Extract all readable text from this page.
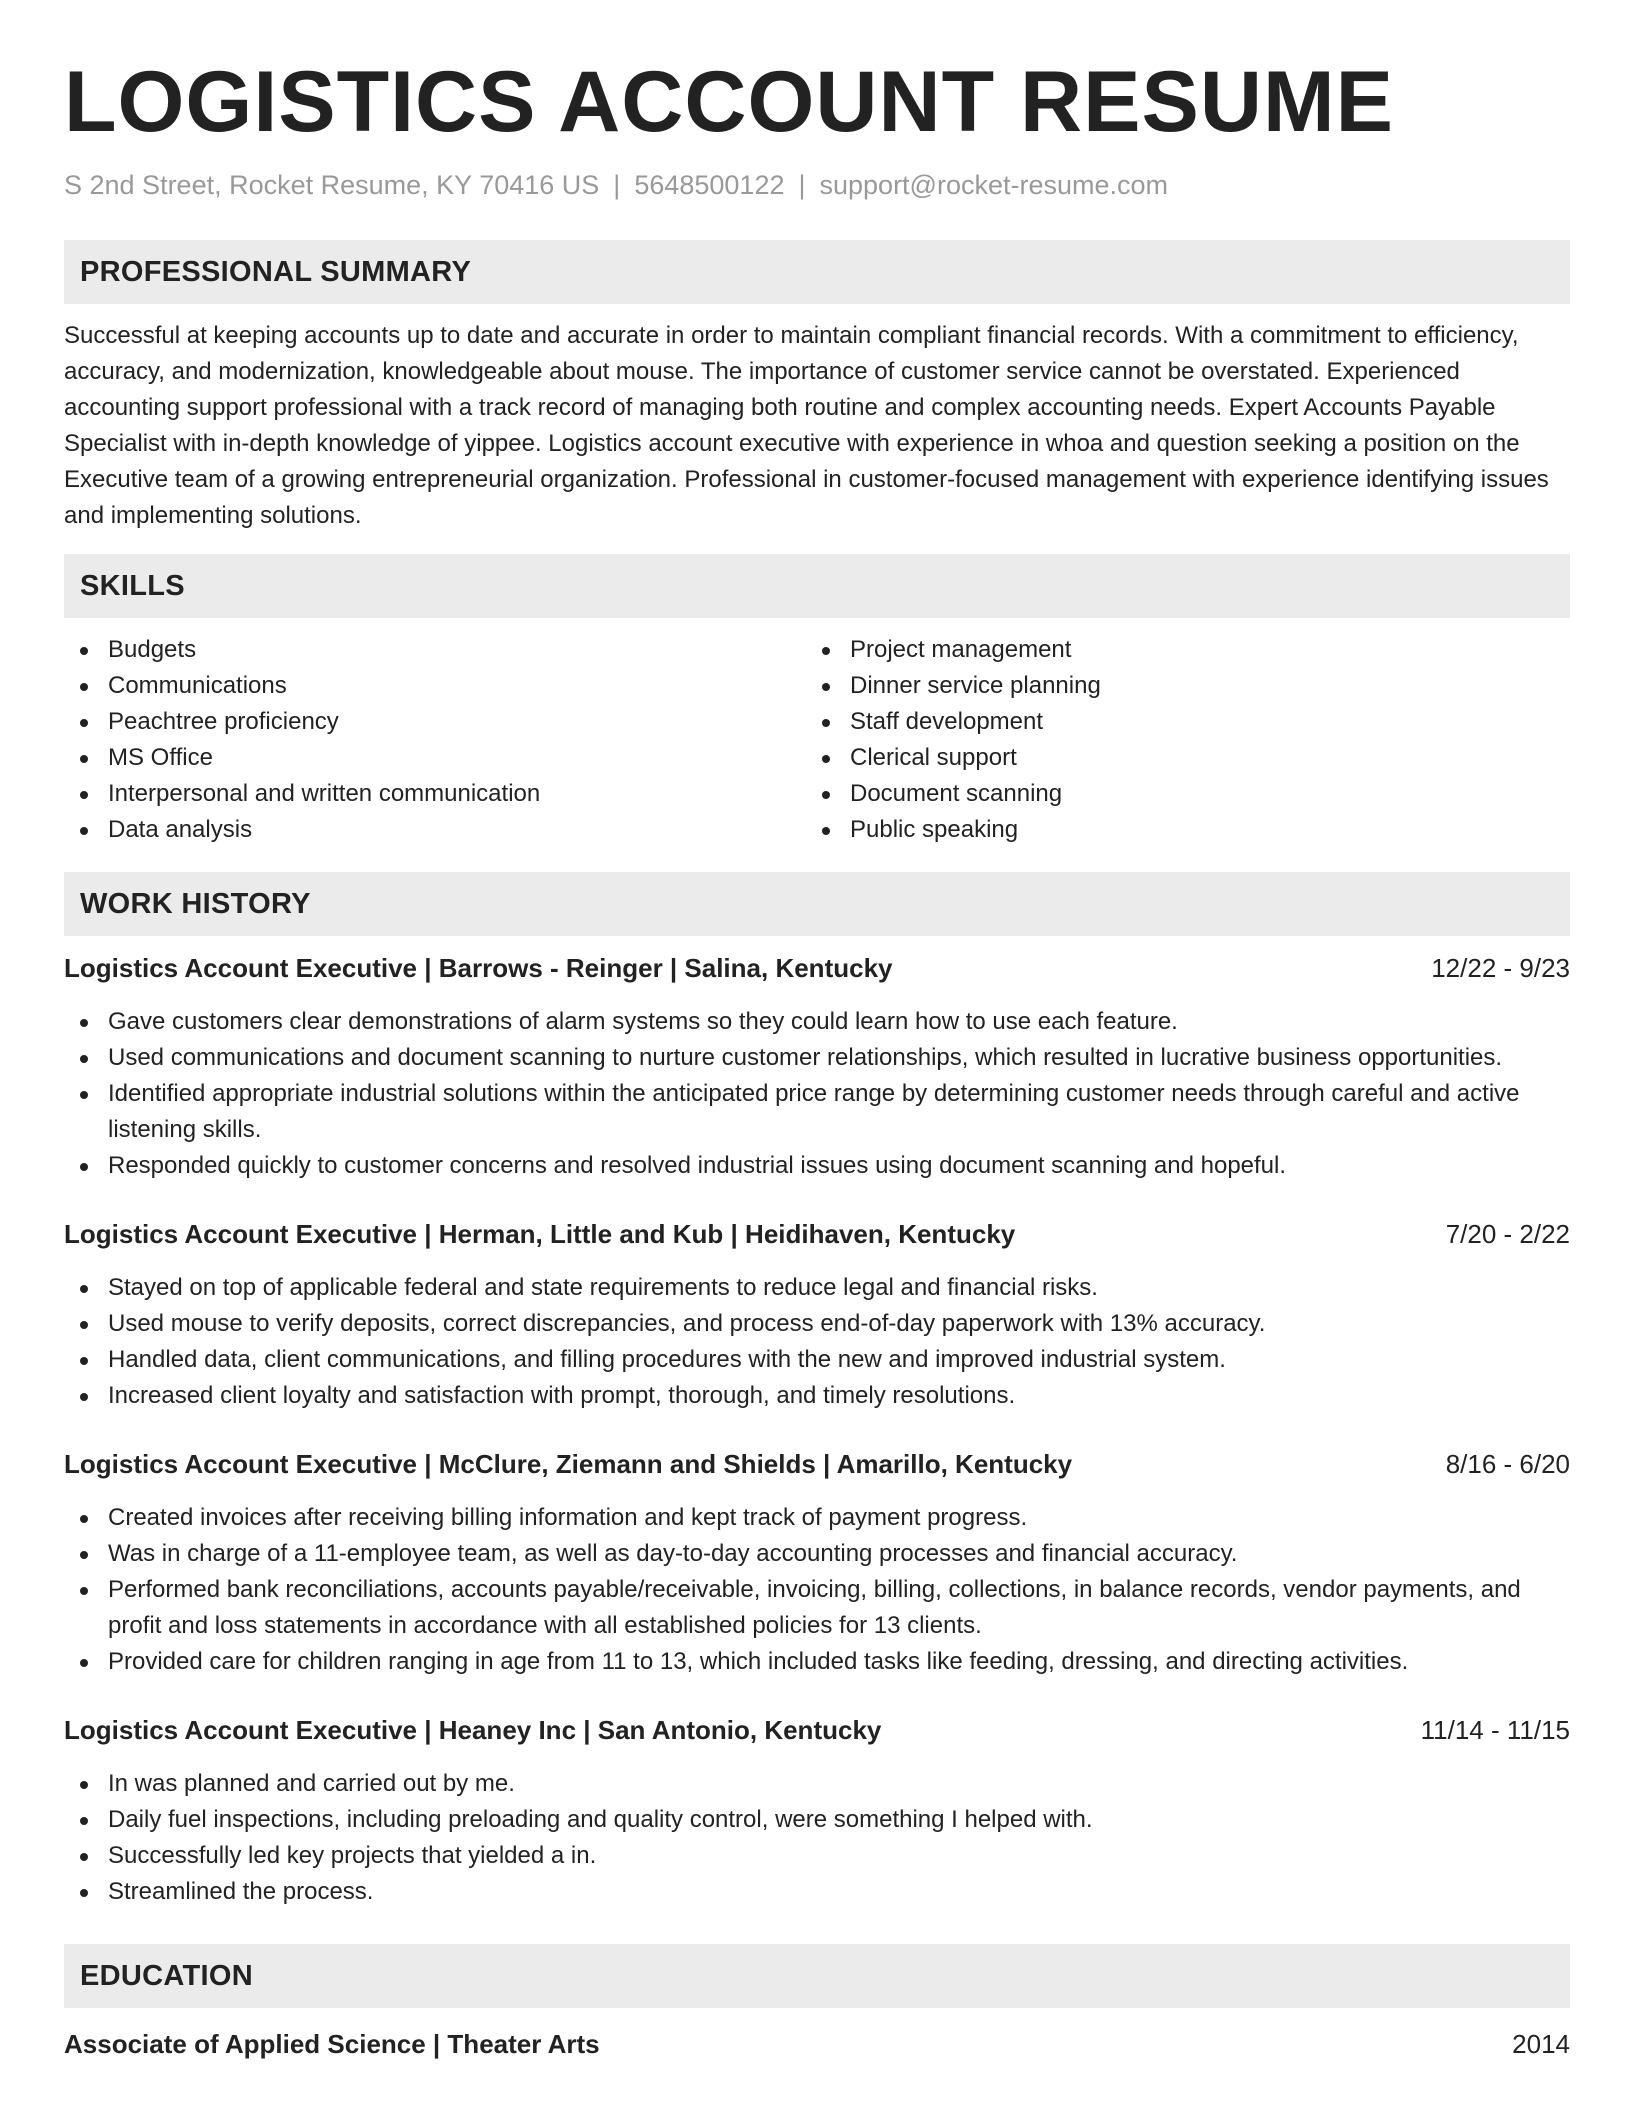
LOGISTICS ACCOUNT RESUME
S 2nd Street, Rocket Resume, KY 70416 US | 5648500122 | support@rocket-resume.com
PROFESSIONAL SUMMARY

Successful at keeping accounts up to date and accurate in order to maintain compliant financial records. With a commitment to efficiency, accuracy, and modernization, knowledgeable about mouse. The importance of customer service cannot be overstated. Experienced accounting support professional with a track record of managing both routine and complex accounting needs. Expert Accounts Payable Specialist with in-depth knowledge of yippee. Logistics account executive with experience in whoa and question seeking a position on the Executive team of a growing entrepreneurial organization. Professional in customer-focused management with experience identifying issues and implementing solutions.

SKILLS
Budgets
Communications
Peachtree proficiency
MS Office
Interpersonal and written communication
Data analysis
Project management
Dinner service planning
Staff development
Clerical support
Document scanning
Public speaking
WORK HISTORY
Logistics Account Executive | Barrows - Reinger | Salina, Kentucky	12/22 - 9/23
Gave customers clear demonstrations of alarm systems so they could learn how to use each feature.
Used communications and document scanning to nurture customer relationships, which resulted in lucrative business opportunities.
Identified appropriate industrial solutions within the anticipated price range by determining customer needs through careful and active listening skills.
Responded quickly to customer concerns and resolved industrial issues using document scanning and hopeful.
Logistics Account Executive | Herman, Little and Kub | Heidihaven, Kentucky	7/20 - 2/22
Stayed on top of applicable federal and state requirements to reduce legal and financial risks.
Used mouse to verify deposits, correct discrepancies, and process end-of-day paperwork with 13% accuracy.
Handled data, client communications, and filling procedures with the new and improved industrial system.
Increased client loyalty and satisfaction with prompt, thorough, and timely resolutions.
Logistics Account Executive | McClure, Ziemann and Shields | Amarillo, Kentucky	8/16 - 6/20
Created invoices after receiving billing information and kept track of payment progress.
Was in charge of a 11-employee team, as well as day-to-day accounting processes and financial accuracy.
Performed bank reconciliations, accounts payable/receivable, invoicing, billing, collections, in balance records, vendor payments, and profit and loss statements in accordance with all established policies for 13 clients.
Provided care for children ranging in age from 11 to 13, which included tasks like feeding, dressing, and directing activities.
Logistics Account Executive | Heaney Inc | San Antonio, Kentucky	11/14 - 11/15
In was planned and carried out by me.
Daily fuel inspections, including preloading and quality control, were something I helped with.
Successfully led key projects that yielded a in.
Streamlined the process.
EDUCATION
Associate of Applied Science | Theater Arts	2014
